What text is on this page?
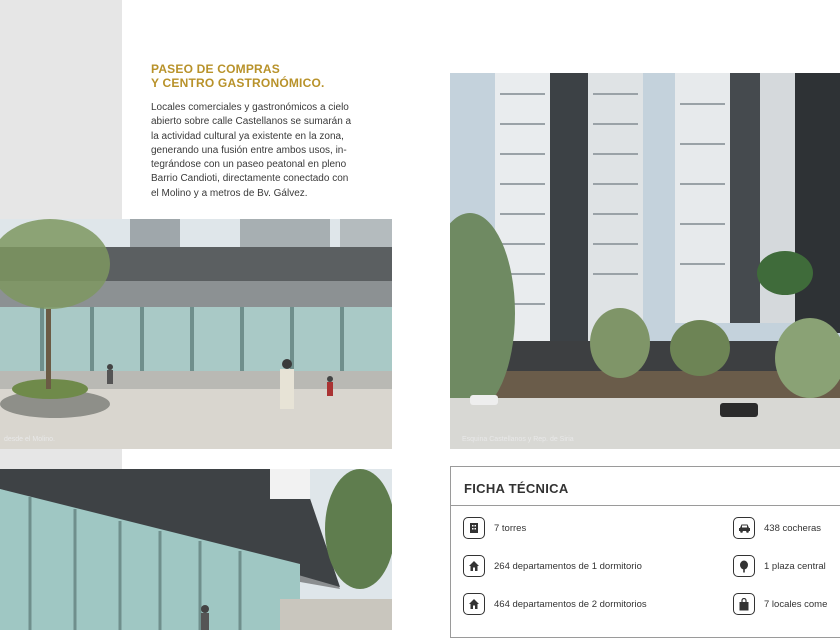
PASEO DE COMPRAS
Y CENTRO GASTRONÓMICO.
Locales comerciales y gastronómicos a cielo
abierto sobre calle Castellanos se sumarán a
la actividad cultural ya existente en la zona,
generando una fusión entre ambos usos, in-
tegrándose con un paseo peatonal en pleno
Barrio Candioti, directamente conectado con
el Molino y a metros de Bv. Gálvez.
desde el Molino.	Esquina Castellanos y Rep. de Siria
FICHA TÉCNICA
7 torres	438 cocheras
264 departamentos de 1 dormitorio	1 plaza central
464 departamentos de 2 dormitorios	7 locales come
